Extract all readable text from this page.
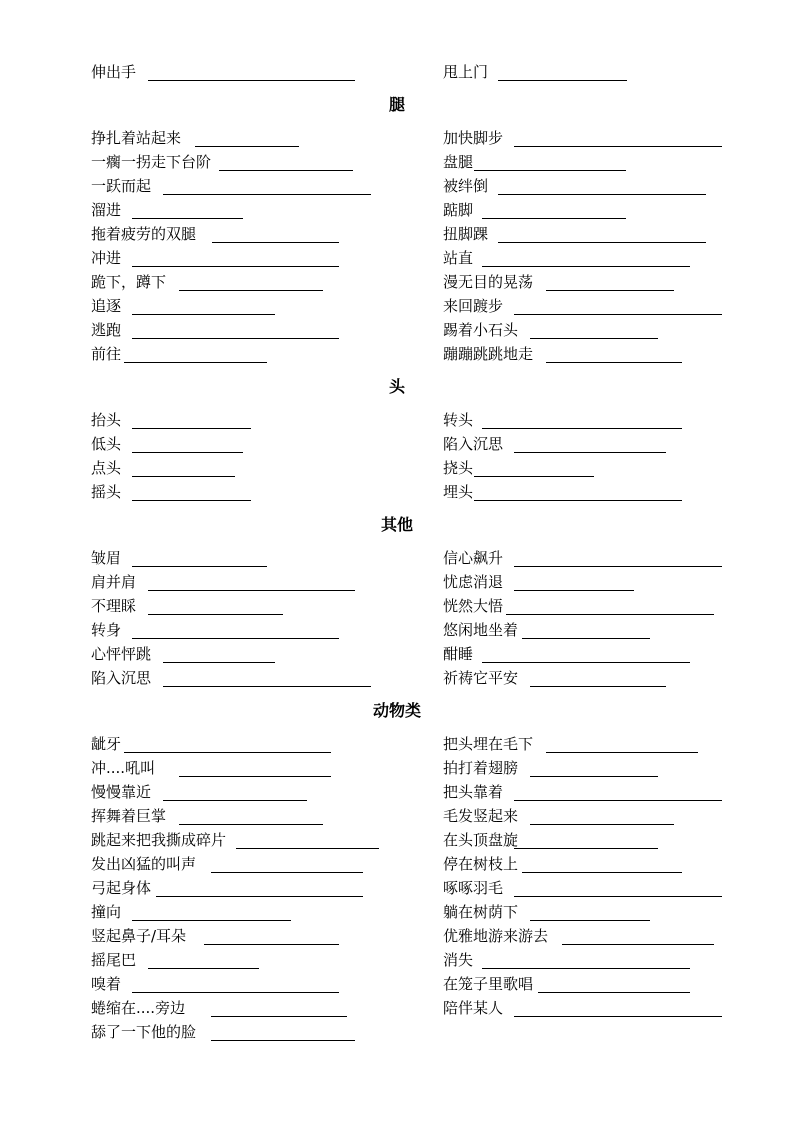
伸出手	甩上门
腿
挣扎着站起来	加快脚步
一瘸一拐走下台阶	盘腿
一跃而起	被绊倒
溜进	踮脚
拖着疲劳的双腿	扭脚踝
冲进	站直
跪下，蹲下	漫无目的晃荡
追逐	来回踱步
逃跑	踢着小石头
前往	蹦蹦跳跳地走
头
抬头	转头
低头	陷入沉思
点头	挠头
摇头	埋头
其他
皱眉	信心飙升
肩并肩	忧虑消退
不理睬	恍然大悟
转身	悠闲地坐着
心怦怦跳	酣睡
陷入沉思	祈祷它平安
动物类
龇牙	把头埋在毛下
冲....吼叫	拍打着翅膀
慢慢靠近	把头靠着
挥舞着巨掌	毛发竖起来
跳起来把我撕成碎片	在头顶盘旋
发出凶猛的叫声	停在树枝上
弓起身体	啄啄羽毛
撞向	躺在树荫下
竖起鼻子/耳朵	优雅地游来游去
摇尾巴	消失
嗅着	在笼子里歌唱
蜷缩在....旁边	陪伴某人
舔了一下他的脸
